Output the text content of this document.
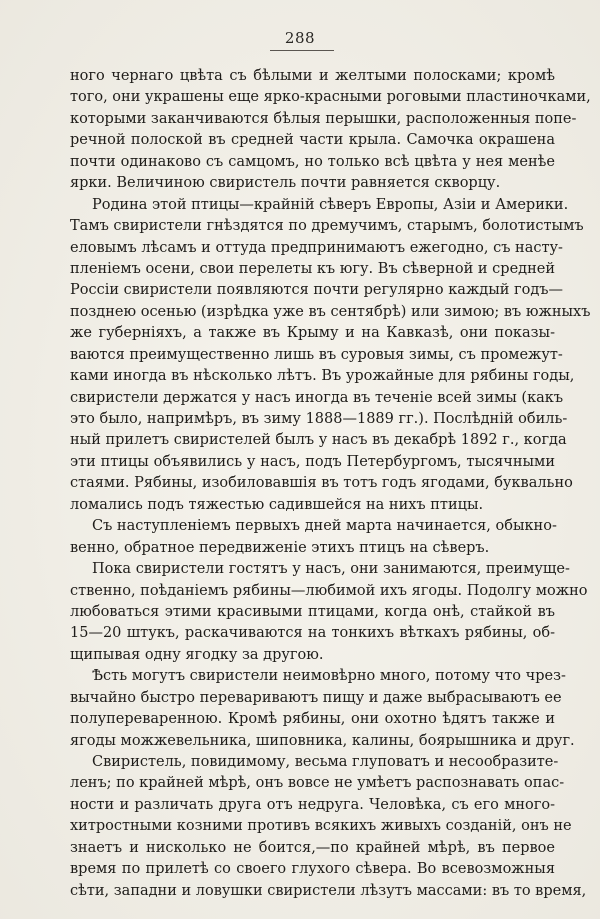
288
ного чернаго цвѣта съ бѣлыми и желтыми полосками; кромѣ
того, они украшены еще ярко-красными роговыми пластиночками,
которыми заканчиваются бѣлыя перышки, расположенныя попе-
речной полоской въ средней части крыла. Самочка окрашена
почти одинаково съ самцомъ, но только всѣ цвѣта у нея менѣе
ярки. Величиною свиристель почти равняется скворцу.
Родина этой птицы—крайній сѣверъ Европы, Азіи и Америки.
Тамъ свиристели гнѣздятся по дремучимъ, старымъ, болотистымъ
еловымъ лѣсамъ и оттуда предпринимаютъ ежегодно, съ насту-
пленіемъ осени, свои перелеты къ югу. Въ сѣверной и средней
Россіи свиристели появляются почти регулярно каждый годъ—
позднею осенью (изрѣдка уже въ сентябрѣ) или зимою; въ южныхъ
же губерніяхъ, а также въ Крыму и на Кавказѣ, они показы-
ваются преимущественно лишь въ суровыя зимы, съ промежут-
ками иногда въ нѣсколько лѣтъ. Въ урожайные для рябины годы,
свиристели держатся у насъ иногда въ теченіе всей зимы (какъ
это было, напримѣръ, въ зиму 1888—1889 гг.). Послѣдній обиль-
ный прилетъ свиристелей былъ у насъ въ декабрѣ 1892 г., когда
эти птицы объявились у насъ, подъ Петербургомъ, тысячными
стаями. Рябины, изобиловавшія въ тотъ годъ ягодами, буквально
ломались подъ тяжестью садившейся на нихъ птицы.
Съ наступленіемъ первыхъ дней марта начинается, обыкно-
венно, обратное передвиженіе этихъ птицъ на сѣверъ.
Пока свиристели гостятъ у насъ, они занимаются, преимуще-
ственно, поѣданіемъ рябины—любимой ихъ ягоды. Подолгу можно
любоваться этими красивыми птицами, когда онѣ, стайкой въ
15—20 штукъ, раскачиваются на тонкихъ вѣткахъ рябины, об-
щипывая одну ягодку за другою.
Ѣсть могутъ свиристели неимовѣрно много, потому что чрез-
вычайно быстро перевариваютъ пищу и даже выбрасываютъ ее
полупереваренною. Кромѣ рябины, они охотно ѣдятъ также и
ягоды можжевельника, шиповника, калины, боярышника и друг.
Свиристель, повидимому, весьма глуповатъ и несообразите-
ленъ; по крайней мѣрѣ, онъ вовсе не умѣетъ распознавать опас-
ности и различать друга отъ недруга. Человѣка, съ его много-
хитростными козними противъ всякихъ живыхъ созданій, онъ не
знаетъ и нисколько не боится,—по крайней мѣрѣ, въ первое
время по прилетѣ со своего глухого сѣвера. Во всевозможныя
сѣти, западни и ловушки свиристели лѣзутъ массами: въ то время,
